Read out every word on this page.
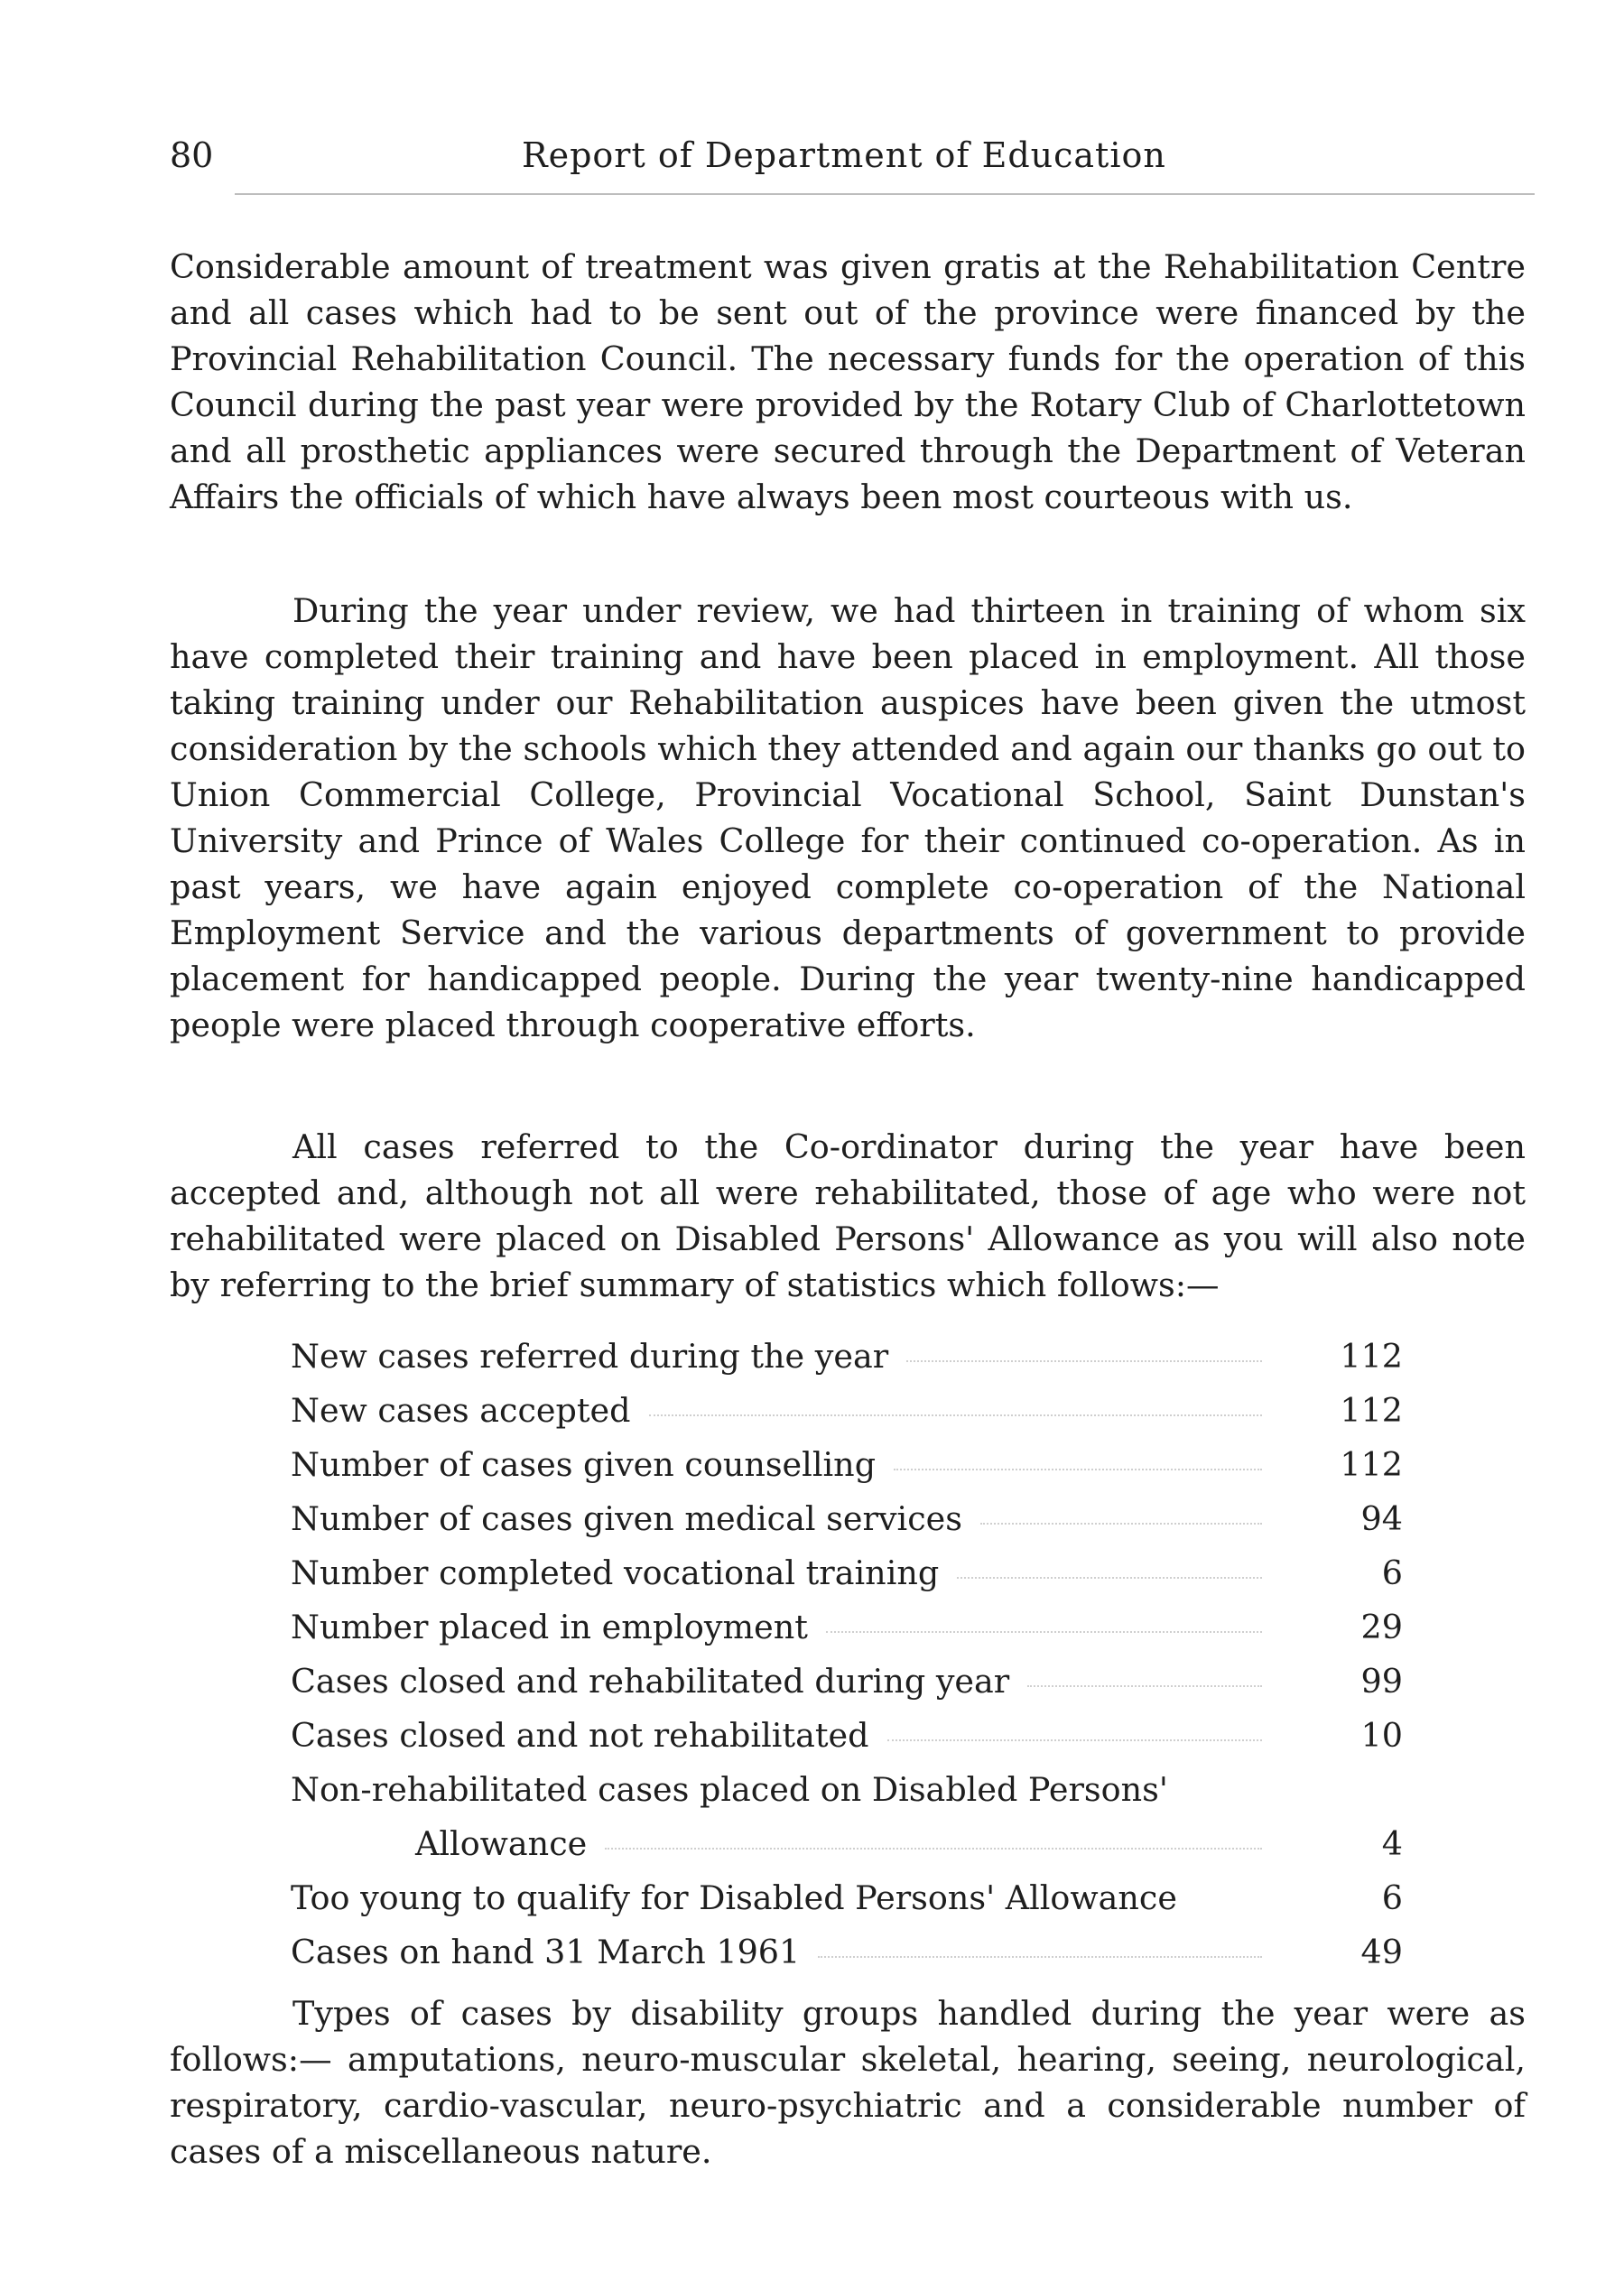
80	Report of Department of Education

Considerable amount of treatment was given gratis at the Rehabilitation Centre and all cases which had to be sent out of the province were financed by the Provincial Rehabilitation Council. The necessary funds for the operation of this Council during the past year were provided by the Rotary Club of Charlottetown and all prosthetic appliances were secured through the Department of Veteran Affairs the officials of which have always been most courteous with us.

During the year under review, we had thirteen in training of whom six have completed their training and have been placed in employment. All those taking training under our Rehabilitation auspices have been given the utmost consideration by the schools which they attended and again our thanks go out to Union Commercial College, Provincial Vocational School, Saint Dunstan's University and Prince of Wales College for their continued co-operation. As in past years, we have again enjoyed complete co-operation of the National Employment Service and the various departments of government to provide placement for handicapped people. During the year twenty-nine handicapped people were placed through cooperative efforts.

All cases referred to the Co-ordinator during the year have been accepted and, although not all were rehabilitated, those of age who were not rehabilitated were placed on Disabled Persons' Allowance as you will also note by referring to the brief summary of statistics which follows:—

New cases referred during the year	112
New cases accepted	112
Number of cases given counselling	112
Number of cases given medical services	94
Number completed vocational training	6
Number placed in employment	29
Cases closed and rehabilitated during year	99
Cases closed and not rehabilitated	10
Non-rehabilitated cases placed on Disabled Persons'
Allowance	4
Too young to qualify for Disabled Persons' Allowance	6
Cases on hand 31 March 1961	49

Types of cases by disability groups handled during the year were as follows:— amputations, neuro-muscular skeletal, hearing, seeing, neurological, respiratory, cardio-vascular, neuro-psychiatric and a considerable number of cases of a miscellaneous nature.
